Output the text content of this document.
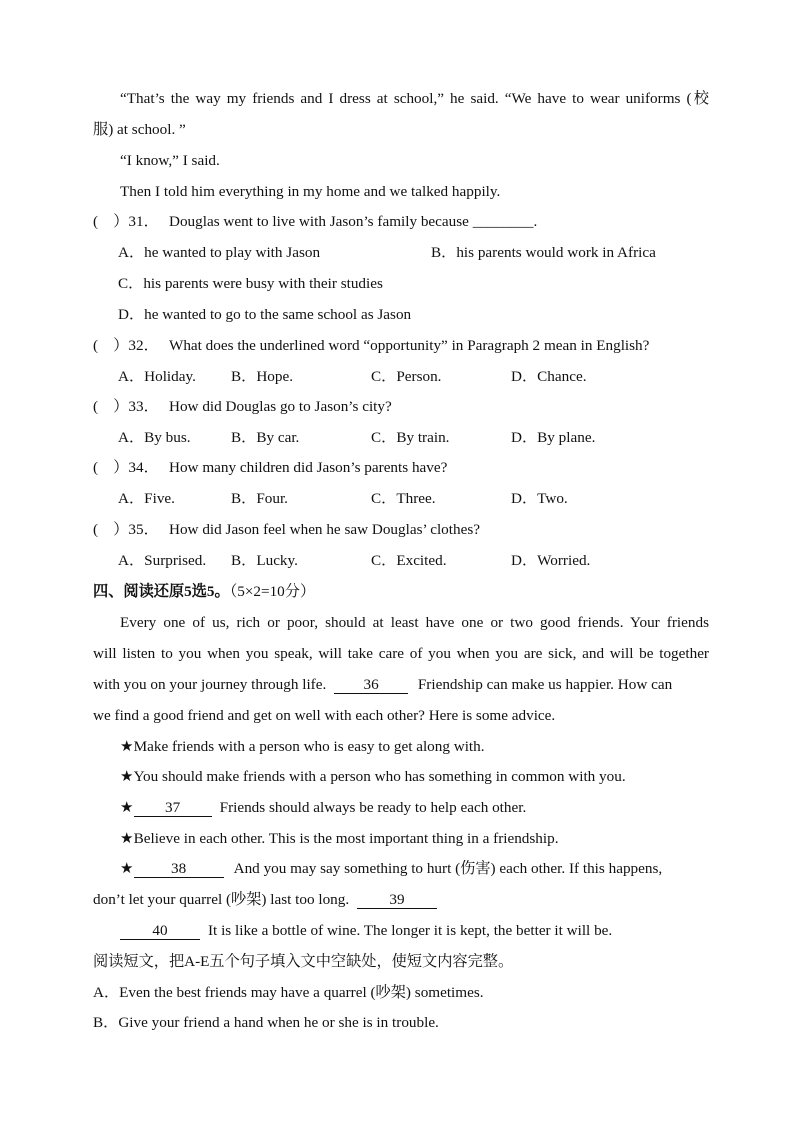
“That’s the way my friends and I dress at school,” he said. “We have to wear uniforms (校
服) at school. ”
“I know,” I said.
Then I told him everything in my home and we talked happily.
(　）31． Douglas went to live with Jason’s family because ________.
A．he wanted to play with Jason	B．his parents would work in Africa
C．his parents were busy with their studies
D．he wanted to go to the same school as Jason
(　）32． What does the underlined word “opportunity” in Paragraph 2 mean in English?
A．Holiday. B．Hope.	C．Person.	D．Chance.
(　）33． How did Douglas go to Jason’s city?
A．By bus.	B．By car.	C．By train.	D．By plane.
(　）34． How many children did Jason’s parents have?
A．Five.	B．Four.	C．Three.	D．Two.
(　）35． How did Jason feel when he saw Douglas’ clothes?
A．Surprised. B．Lucky.	C．Excited.	D．Worried.
四、阅读还原5选5。（5×2=10分）
Every one of us, rich or poor, should at least have one or two good friends. Your friends
will listen to you when you speak, will take care of you when you are sick, and will be together
with you on your journey through life. 36	Friendship can make us happier. How can
we find a good friend and get on well with each other? Here is some advice.
★Make friends with a person who is easy to get along with.
★You should make friends with a person who has something in common with you.
★ 37	Friends should always be ready to help each other.
★Believe in each other. This is the most important thing in a friendship.
★ 38	And you may say something to hurt (伤害) each other. If this happens,
don’t let your quarrel (吵架) last too long.	39
40	It is like a bottle of wine. The longer it is kept, the better it will be.
阅读短文，把A-E五个句子填入文中空缺处，使短文内容完整。
A．Even the best friends may have a quarrel (吵架) sometimes.
B．Give your friend a hand when he or she is in trouble.
